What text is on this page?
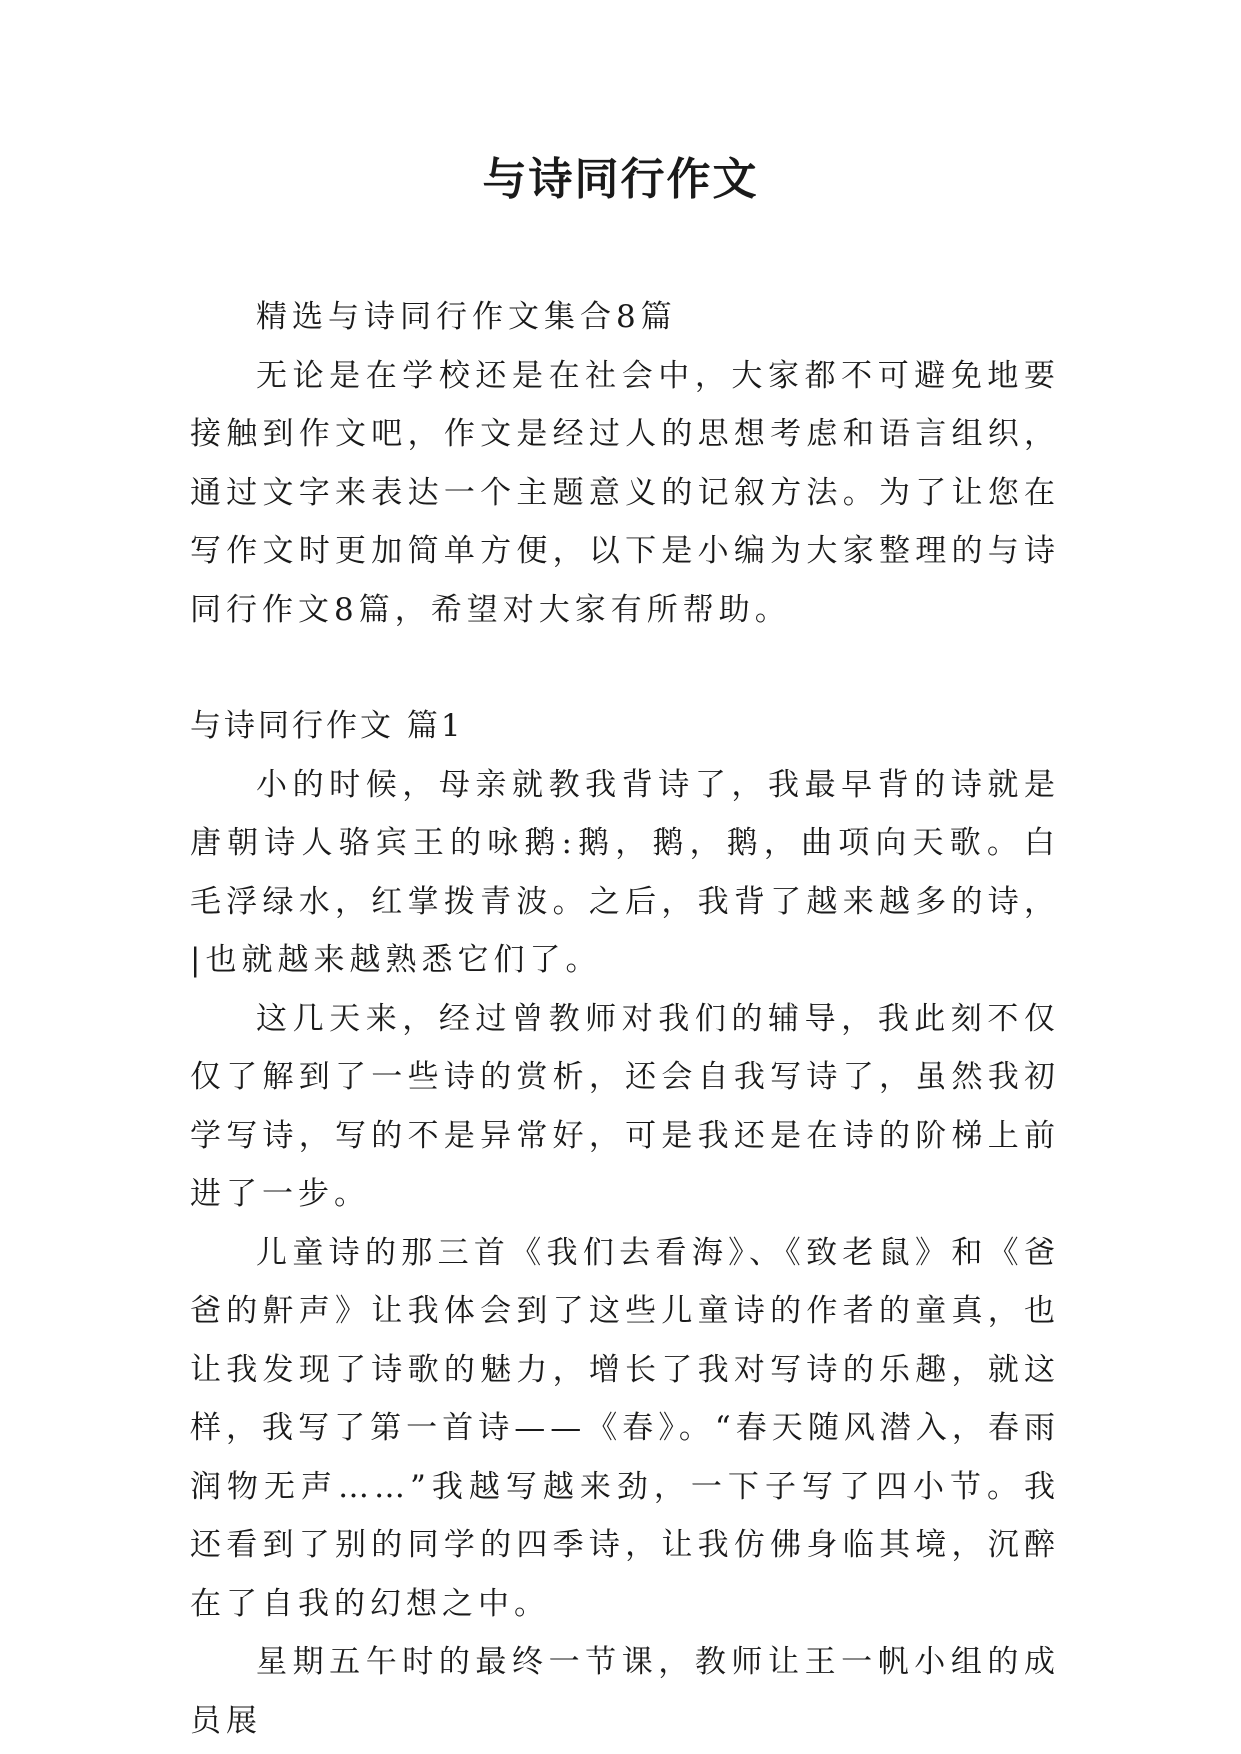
与诗同行作文

精选与诗同行作文集合8篇

无论是在学校还是在社会中，大家都不可避免地要接触到作文吧，作文是经过人的思想考虑和语言组织，通过文字来表达一个主题意义的记叙方法。为了让您在写作文时更加简单方便，以下是小编为大家整理的与诗同行作文8篇，希望对大家有所帮助。

与诗同行作文 篇1

小的时候，母亲就教我背诗了，我最早背的诗就是唐朝诗人骆宾王的咏鹅:鹅，鹅，鹅，曲项向天歌。白毛浮绿水，红掌拨青波。之后，我背了越来越多的诗，|也就越来越熟悉它们了。

这几天来，经过曾教师对我们的辅导，我此刻不仅仅了解到了一些诗的赏析，还会自我写诗了，虽然我初学写诗，写的不是异常好，可是我还是在诗的阶梯上前进了一步。

儿童诗的那三首《我们去看海》、《致老鼠》和《爸爸的鼾声》让我体会到了这些儿童诗的作者的童真，也让我发现了诗歌的魅力，增长了我对写诗的乐趣，就这样，我写了第一首诗——《春》。“春天随风潜入，春雨润物无声……”我越写越来劲，一下子写了四小节。我还看到了别的同学的四季诗，让我仿佛身临其境，沉醉在了自我的幻想之中。

星期五午时的最终一节课，教师让王一帆小组的成员展
